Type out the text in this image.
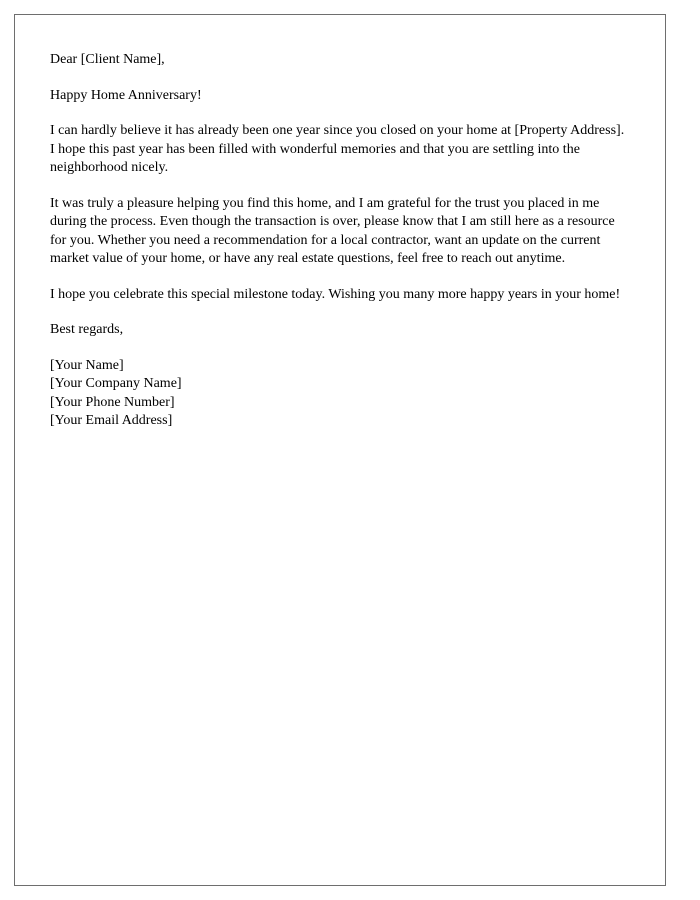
Dear [Client Name],

Happy Home Anniversary!

I can hardly believe it has already been one year since you closed on your home at [Property Address]. I hope this past year has been filled with wonderful memories and that you are settling into the neighborhood nicely.

It was truly a pleasure helping you find this home, and I am grateful for the trust you placed in me during the process. Even though the transaction is over, please know that I am still here as a resource for you. Whether you need a recommendation for a local contractor, want an update on the current market value of your home, or have any real estate questions, feel free to reach out anytime.

I hope you celebrate this special milestone today. Wishing you many more happy years in your home!

Best regards,

[Your Name]
[Your Company Name]
[Your Phone Number]
[Your Email Address]
